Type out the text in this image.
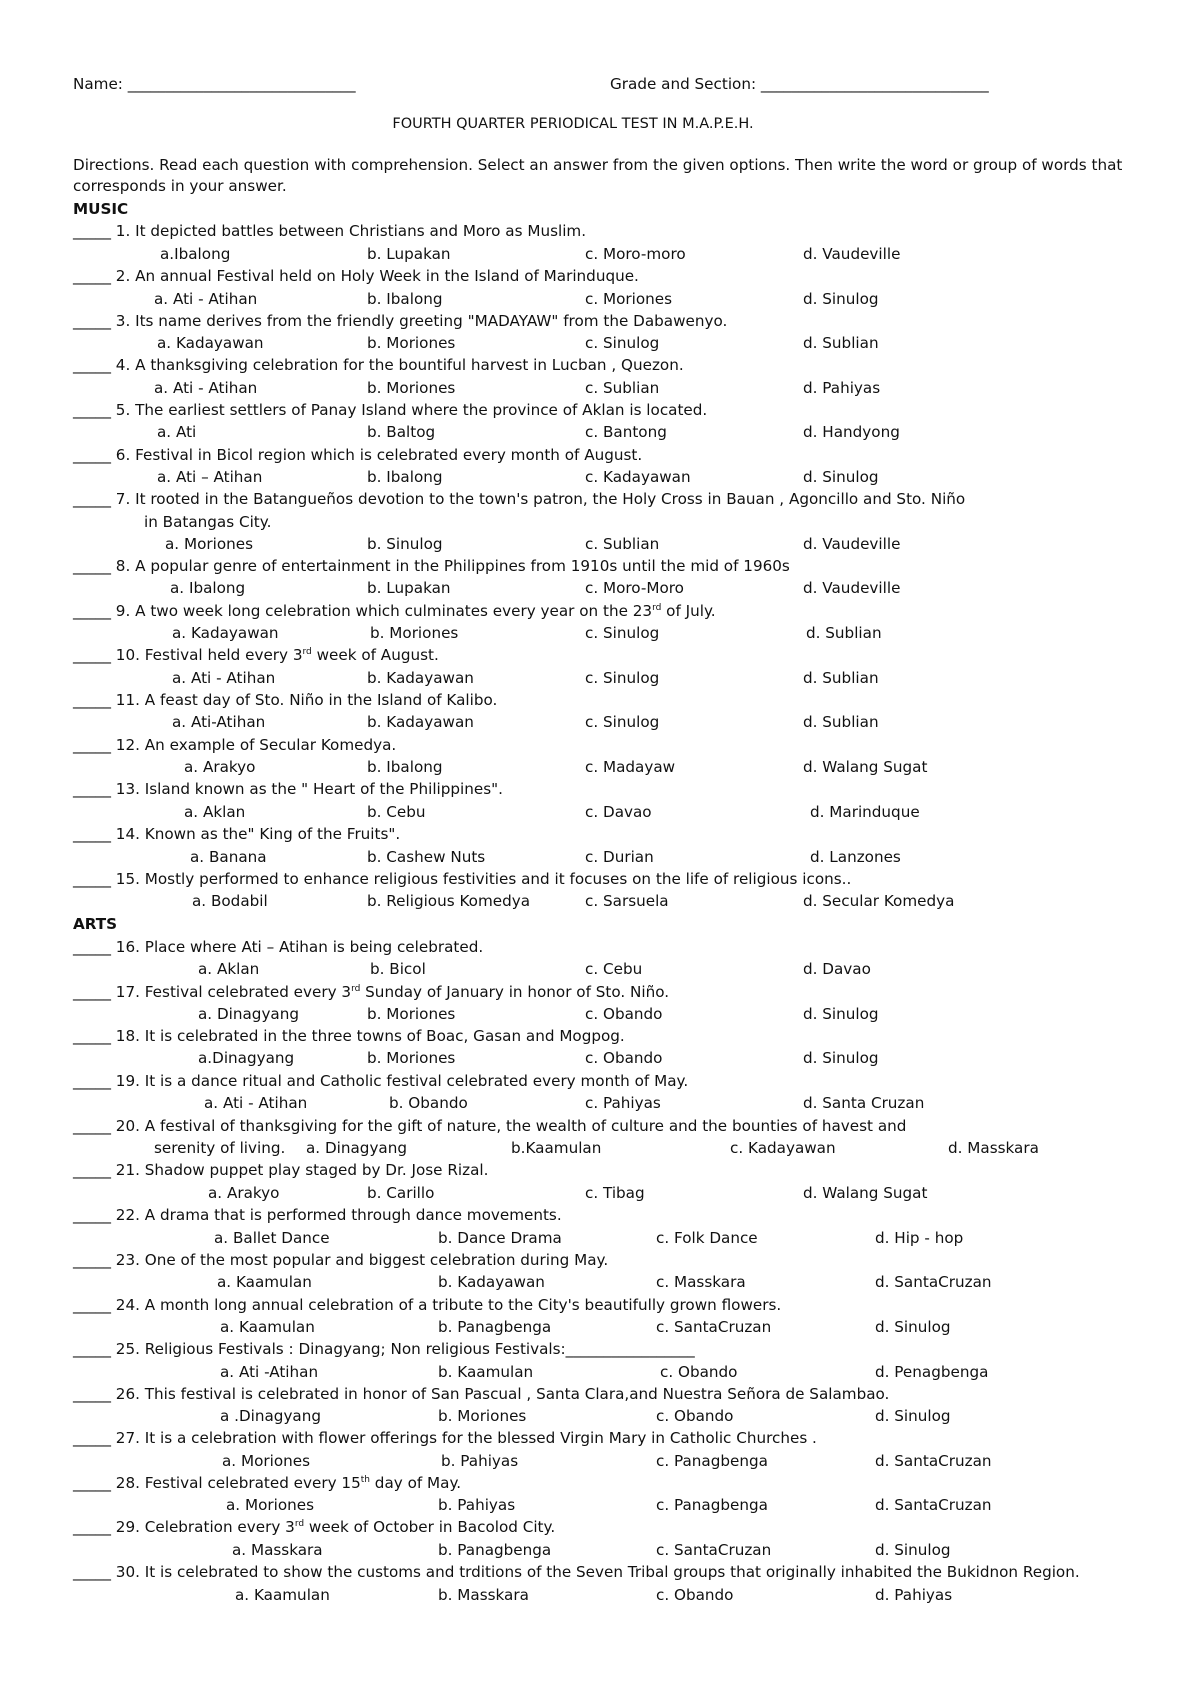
Name: ______________________________	Grade and Section: ______________________________
FOURTH QUARTER PERIODICAL TEST IN M.A.P.E.H.
Directions. Read each question with comprehension. Select an answer from the given options. Then write the word or group of words that
corresponds in your answer.
MUSIC
_____ 1. It depicted battles between Christians and Moro as Muslim.
a.Ibalong	b. Lupakan	c. Moro-moro	d. Vaudeville
_____ 2. An annual Festival held on Holy Week in the Island of Marinduque.
a. Ati - Atihan	b. Ibalong	c. Moriones	d. Sinulog
_____ 3. Its name derives from the friendly greeting "MADAYAW" from the Dabawenyo.
a. Kadayawan	b. Moriones	c. Sinulog	d. Sublian
_____ 4. A thanksgiving celebration for the bountiful harvest in Lucban , Quezon.
a. Ati - Atihan	b. Moriones	c. Sublian	d. Pahiyas
_____ 5. The earliest settlers of Panay Island where the province of Aklan is located.
a. Ati	b. Baltog	c. Bantong	d. Handyong
_____ 6. Festival in Bicol region which is celebrated every month of August.
a. Ati – Atihan	b. Ibalong	c. Kadayawan	d. Sinulog
_____ 7. It rooted in the Batangueños devotion to the town's patron, the Holy Cross in Bauan , Agoncillo and Sto. Niño
in Batangas City.
a. Moriones	b. Sinulog	c. Sublian	d. Vaudeville
_____ 8. A popular genre of entertainment in the Philippines from 1910s until the mid of 1960s
a. Ibalong	b. Lupakan	c. Moro-Moro	d. Vaudeville
_____ 9. A two week long celebration which culminates every year on the 23rd of July.
a. Kadayawan	b. Moriones	c. Sinulog	d. Sublian
_____ 10. Festival held every 3rd week of August.
a. Ati - Atihan	b. Kadayawan	c. Sinulog	d. Sublian
_____ 11. A feast day of Sto. Niño in the Island of Kalibo.
a. Ati-Atihan	b. Kadayawan	c. Sinulog	d. Sublian
_____ 12. An example of Secular Komedya.
a. Arakyo	b. Ibalong	c. Madayaw	d. Walang Sugat
_____ 13. Island known as the " Heart of the Philippines".
a. Aklan	b. Cebu	c. Davao	d. Marinduque
_____ 14. Known as the" King of the Fruits".
a. Banana	b. Cashew Nuts	c. Durian	d. Lanzones
_____ 15. Mostly performed to enhance religious festivities and it focuses on the life of religious icons..
a. Bodabil	b. Religious Komedya	c. Sarsuela	d. Secular Komedya
ARTS
_____ 16. Place where Ati – Atihan is being celebrated.
a. Aklan	b. Bicol	c. Cebu	d. Davao
_____ 17. Festival celebrated every 3rd Sunday of January in honor of Sto. Niño.
a. Dinagyang	b. Moriones	c. Obando	d. Sinulog
_____ 18. It is celebrated in the three towns of Boac, Gasan and Mogpog.
a.Dinagyang	b. Moriones	c. Obando	d. Sinulog
_____ 19. It is a dance ritual and Catholic festival celebrated every month of May.
a. Ati - Atihan	b. Obando	c. Pahiyas	d. Santa Cruzan
_____ 20. A festival of thanksgiving for the gift of nature, the wealth of culture and the bounties of havest and
serenity of living. a. Dinagyang	b.Kaamulan	c. Kadayawan	d. Masskara
_____ 21. Shadow puppet play staged by Dr. Jose Rizal.
a. Arakyo	b. Carillo	c. Tibag	d. Walang Sugat
_____ 22. A drama that is performed through dance movements.
a. Ballet Dance	b. Dance Drama	c. Folk Dance	d. Hip - hop
_____ 23. One of the most popular and biggest celebration during May.
a. Kaamulan	b. Kadayawan	c. Masskara	d. SantaCruzan
_____ 24. A month long annual celebration of a tribute to the City's beautifully grown flowers.
a. Kaamulan	b. Panagbenga	c. SantaCruzan	d. Sinulog
_____ 25. Religious Festivals : Dinagyang; Non religious Festivals:_________________
a. Ati -Atihan	b. Kaamulan	c. Obando	d. Penagbenga
_____ 26. This festival is celebrated in honor of San Pascual , Santa Clara,and Nuestra Señora de Salambao.
a .Dinagyang	b. Moriones	c. Obando	d. Sinulog
_____ 27. It is a celebration with flower offerings for the blessed Virgin Mary in Catholic Churches .
a. Moriones	b. Pahiyas	c. Panagbenga	d. SantaCruzan
_____ 28. Festival celebrated every 15th day of May.
a. Moriones	b. Pahiyas	c. Panagbenga	d. SantaCruzan
_____ 29. Celebration every 3rd week of October in Bacolod City.
a. Masskara	b. Panagbenga	c. SantaCruzan	d. Sinulog
_____ 30. It is celebrated to show the customs and trditions of the Seven Tribal groups that originally inhabited the Bukidnon Region.
a. Kaamulan	b. Masskara	c. Obando	d. Pahiyas
